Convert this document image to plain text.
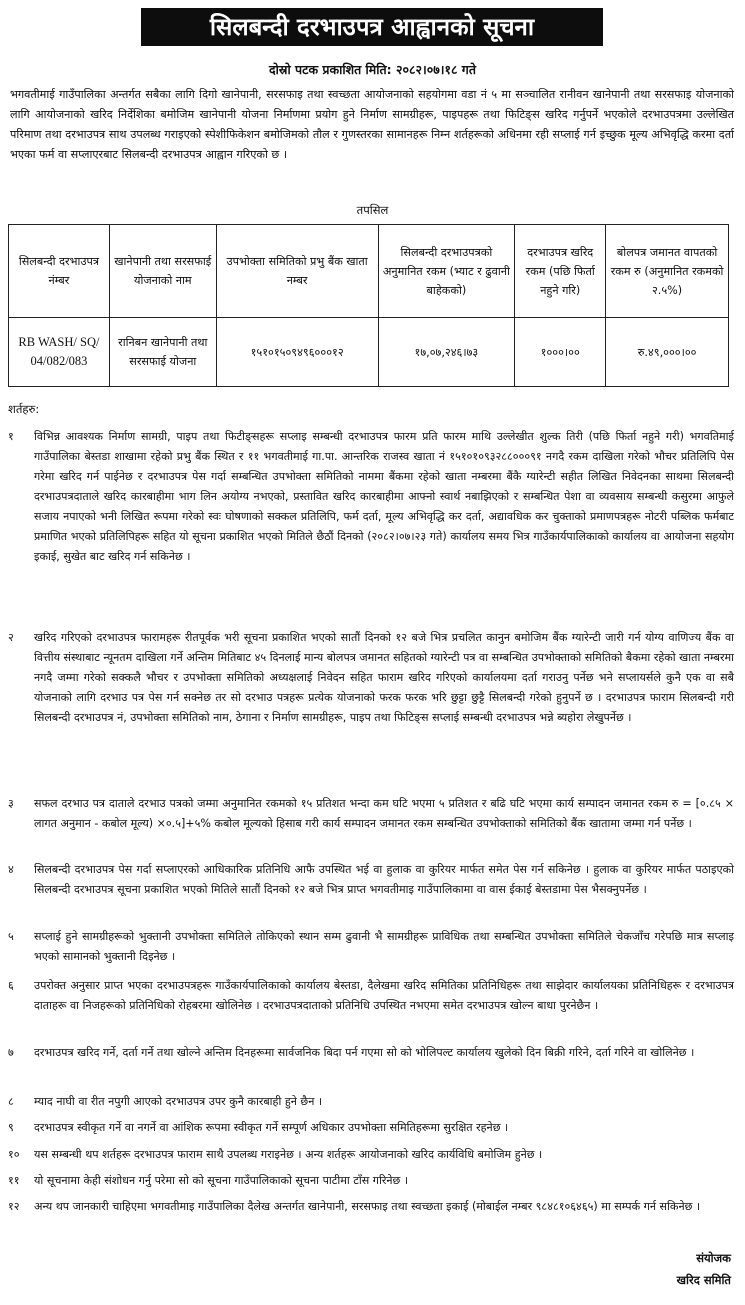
सिलबन्दी दरभाउपत्र आह्वानको सूचना
दोस्रो पटक प्रकाशित मिति: २०८२।०७।१८ गते
भगवतीमाई गाउँपालिका अन्तर्गत सबैका लागि दिगो खानेपानी, सरसफाइ तथा स्वच्छता आयोजनाको सहयोगमा वडा नं ५ मा सञ्चालित रानीवन खानेपानी तथा सरसफाइ योजनाको लागि आयोजनाको खरिद निर्देशिका बमोजिम खानेपानी योजना निर्माणमा प्रयोग हुने निर्माण सामग्रीहरू, पाइपहरू तथा फिटिङ्स खरिद गर्नुपर्ने भएकोले दरभाउपत्रमा उल्लेखित परिमाण तथा दरभाउपत्र साथ उपलब्ध गराइएको स्पेशीफिकेशन बमोजिमको तौल र गुणस्तरका सामानहरू निम्न शर्तहरूको अधिनमा रही सप्लाई गर्न इच्छुक मूल्य अभिवृद्धि करमा दर्ता भएका फर्म वा सप्लाएरबाट सिलबन्दी दरभाउपत्र आह्वान गरिएको छ ।
तपसिल
सिलबन्दी दरभाउपत्र नंम्बर	खानेपानी तथा सरसफाई योजनाको नाम	उपभोक्ता समितिको प्रभु बैंक खाता नम्बर	सिलबन्दी दरभाउपत्रको अनुमानित रकम (भ्याट र ढुवानी बाहेकको)	दरभाउपत्र खरिद रकम (पछि फिर्ता नहुने गरि)	बोलपत्र जमानत वापतको रकम रु (अनुमानित रकमको २.५%)
RB WASH/ SQ/ 04/082/083	रानिबन खानेपानी तथा सरसफाई योजना	१५१०१५०९४९६०००१२	१७,०७,२४६।७३	१०००।००	रु.४९,०००।००
शर्तहरु:
१	विभिन्न आवश्यक निर्माण सामग्री, पाइप तथा फिटीङ्सहरू सप्लाइ सम्बन्धी दरभाउपत्र फारम प्रति फारम माथि उल्लेखीत शुल्क तिरी (पछि फिर्ता नहुने गरी) भगवतिमाई गाउँपालिका बेस्तडा शाखामा रहेको प्रभु बैंक स्थित र ११ भगवतीमाई गा.पा. आन्तरिक राजस्व खाता नं १५१०१०९३२८८०००९१ नगदै रकम दाखिला गरेको भौचर प्रतिलिपि पेस गरेमा खरिद गर्न पाईनेछ र दरभाउपत्र पेस गर्दा सम्बन्धित उपभोक्ता समितिको नाममा बैंकमा रहेको खाता नम्बरमा बैंकै ग्यारेन्टी सहीत लिखित निवेदनका साथमा सिलबन्दी दरभाउपत्रदाताले खरिद कारबाहीमा भाग लिन अयोग्य नभएको, प्रस्तावित खरिद कारबाहीमा आफ्नो स्वार्थ नबाझिएको र सम्बन्धित पेशा वा व्यवसाय सम्बन्धी कसुरमा आफुले सजाय नपाएको भनी लिखित रूपमा गरेको स्वः घोषणाको सक्कल प्रतिलिपि, फर्म दर्ता, मूल्य अभिवृद्धि कर दर्ता, अद्यावधिक कर चुक्ताको प्रमाणपत्रहरू नोटरी पब्लिक फर्मबाट प्रमाणित भएको प्रतिलिपिहरू सहित यो सूचना प्रकाशित भएको मितिले छैठौं दिनको (२०८२।०७।२३ गते) कार्यालय समय भित्र गाउँकार्यपालिकाको कार्यालय वा आयोजना सहयोग इकाई, सुखेत बाट खरिद गर्न सकिनेछ ।
२	खरिद गरिएको दरभाउपत्र फारामहरू रीतपूर्वक भरी सूचना प्रकाशित भएको सातौं दिनको १२ बजे भित्र प्रचलित कानुन बमोजिम बैंक ग्यारेन्टी जारी गर्न योग्य वाणिज्य बैंक वा वित्तीय संस्थाबाट न्यूनतम दाखिला गर्ने अन्तिम मितिबाट ४५ दिनलाई मान्य बोलपत्र जमानत सहितको ग्यारेन्टी पत्र वा सम्बन्धित उपभोक्ताको समितिको बैकमा रहेको खाता नम्बरमा नगदै जम्मा गरेको सक्कलै भौचर र उपभोक्ता समितिको अध्यक्षलाई निवेदन सहित फाराम खरिद गरिएको कार्यालयमा दर्ता गराउनु पर्नेछ भने सप्लायर्सले कुनै एक वा सबै योजनाको लागि दरभाउ पत्र पेस गर्न सक्नेछ तर सो दरभाउ पत्रहरू प्रत्येक योजनाको फरक फरक भरि छुट्टा छुट्टै सिलबन्दी गरेको हुनुपर्ने छ । दरभाउपत्र फाराम सिलबन्दी गरी सिलबन्दी दरभाउपत्र नं, उपभोक्ता समितिको नाम, ठेगाना र निर्माण सामग्रीहरू, पाइप तथा फिटिङ्स सप्लाई सम्बन्धी दरभाउपत्र भन्ने ब्यहोरा लेखुपर्नेछ ।
३	सफल दरभाउ पत्र दाताले दरभाउ पत्रको जम्मा अनुमानित रकमको १५ प्रतिशत भन्दा कम घटि भएमा ५ प्रतिशत र बढि घटि भएमा कार्य सम्पादन जमानत रकम रु = [०.८५ × लागत अनुमान - कबोल मूल्य) ×०.५]+५% कबोल मूल्यको हिसाब गरी कार्य सम्पादन जमानत रकम सम्बन्धित उपभोक्ताको समितिको बैंक खातामा जम्मा गर्न पर्नेछ ।
४	सिलबन्दी दरभाउपत्र पेस गर्दा सप्लाएरको आधिकारिक प्रतिनिधि आफै उपस्थित भई वा हुलाक वा कुरियर मार्फत समेत पेस गर्न सकिनेछ । हुलाक वा कुरियर मार्फत पठाइएको सिलबन्दी दरभाउपत्र सूचना प्रकाशित भएको मितिले सातौं दिनको १२ बजे भित्र प्राप्त भगवतीमाइ गाउँपालिकामा वा वास ईकाई बेस्तडामा पेस भैसक्नुपर्नेछ ।
५	सप्लाई हुने सामग्रीहरूको भुक्तानी उपभोक्ता समितिले तोकिएको स्थान सम्म ढुवानी भै सामग्रीहरू प्राविधिक तथा सम्बन्धित उपभोक्ता समितिले चेकजाँच गरेपछि मात्र सप्लाइ भएको सामानको भुक्तानी दिइनेछ ।
६	उपरोक्त अनुसार प्राप्त भएका दरभाउपत्रहरू गाउँकार्यपालिकाको कार्यालय बेस्तडा, दैलेखमा खरिद समितिका प्रतिनिधिहरू तथा साझेदार कार्यालयका प्रतिनिधिहरू र दरभाउपत्र दाताहरू वा निजहरूको प्रतिनिधिको रोहबरमा खोलिनेछ । दरभाउपत्रदाताको प्रतिनिधि उपस्थित नभएमा समेत दरभाउपत्र खोल्न बाधा पुरनेछैन ।
७	दरभाउपत्र खरिद गर्ने, दर्ता गर्ने तथा खोल्ने अन्तिम दिनहरूमा सार्वजनिक बिदा पर्न गएमा सो को भोलिपल्ट कार्यालय खुलेको दिन बिक्री गरिने, दर्ता गरिने वा खोलिनेछ ।
८	म्याद नाघी वा रीत नपुगी आएको दरभाउपत्र उपर कुनै कारबाही हुने छैन ।
९	दरभाउपत्र स्वीकृत गर्ने वा नगर्ने वा आंशिक रूपमा स्वीकृत गर्ने सम्पूर्ण अधिकार उपभोक्ता समितिहरूमा सुरक्षित रहनेछ ।
१०	यस सम्बन्धी थप शर्तहरू दरभाउपत्र फाराम साथै उपलब्ध गराइनेछ । अन्य शर्तहरू आयोजनाको खरिद कार्यविधि बमोजिम हुनेछ ।
११	यो सूचनामा केही संशोधन गर्नु परेमा सो को सूचना गाउँपालिकाको सूचना पाटीमा टाँस गरिनेछ ।
१२	अन्य थप जानकारी चाहिएमा भगवतीमाइ गाउँपालिका दैलेख अन्तर्गत खानेपानी, सरसफाइ तथा स्वच्छता इकाई (मोबाईल नम्बर ९८४८१०६४६५) मा सम्पर्क गर्न सकिनेछ ।
संयोजक
खरिद समिति
